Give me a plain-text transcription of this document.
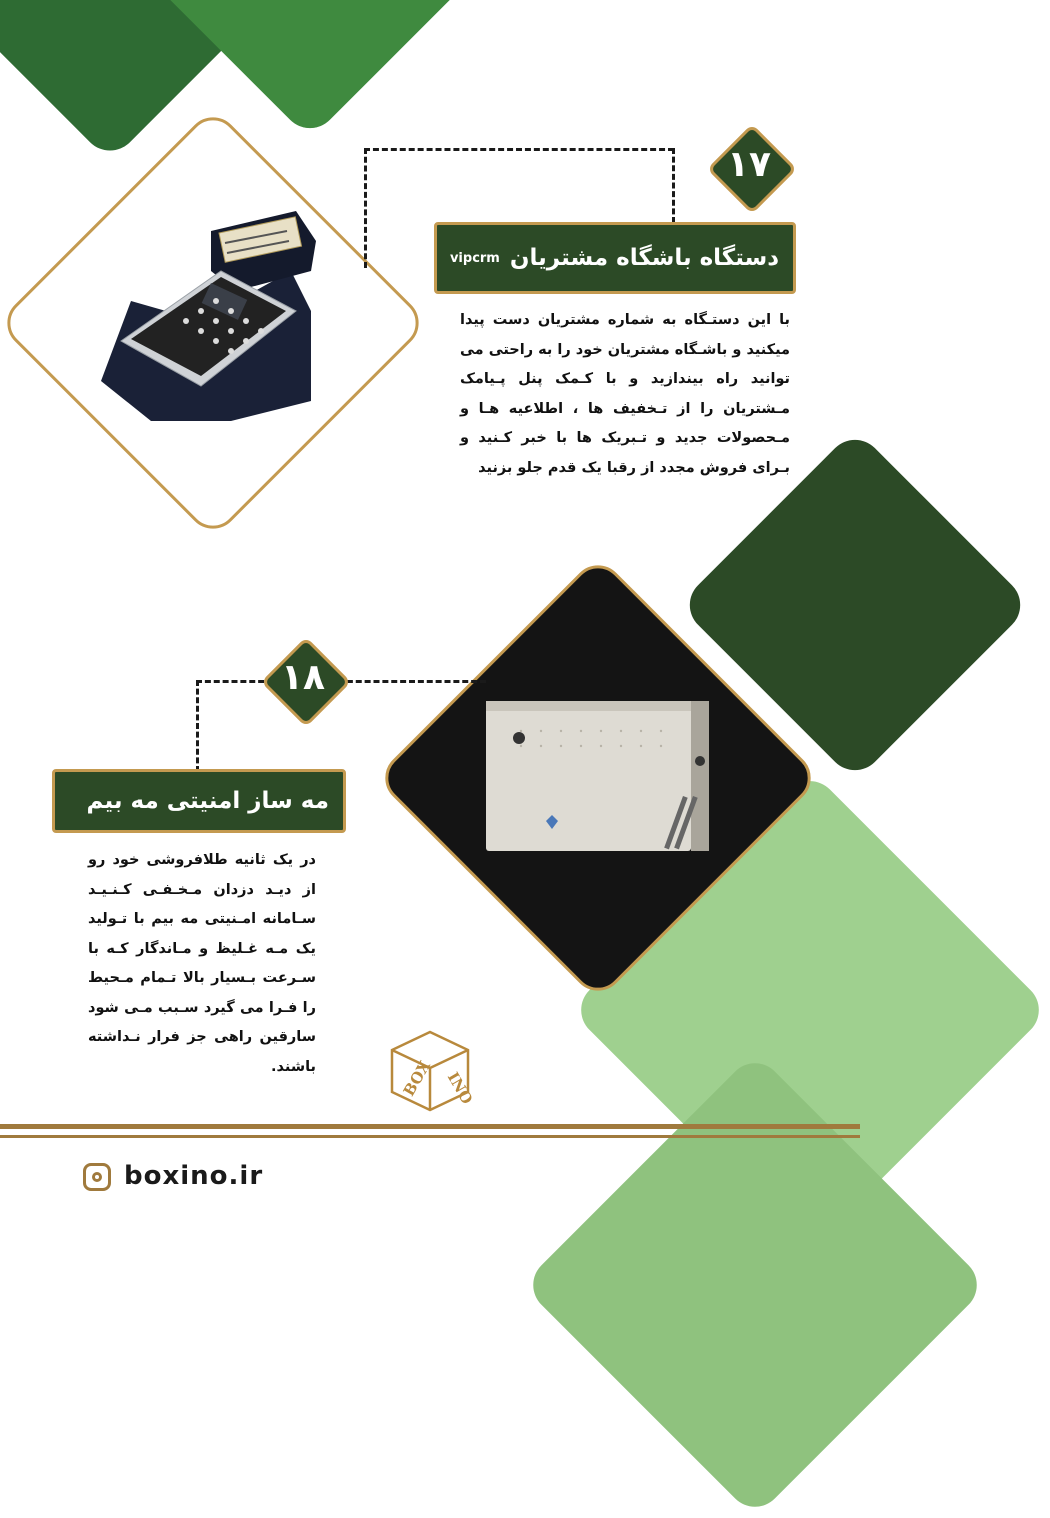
۱۷
vipcrm دستگاه باشگاه مشتریان
با این دستـگاه به شماره مشتریان دست پیدا میکنید و باشـگاه مشتریان خود را به راحتی می توانید راه بیندازید و با کـمک پنل پـیامک مـشتریان را از تـخفیف ها ، اطلاعیه هـا و مـحصولات جدید و تـبریک ها با خبر کـنید و بـرای فروش مجدد از رقبا یک قدم جلو بزنید
۱۸
مه ساز امنیتی مه بیم
در یک ثانیه طلافروشی خود رو از دیـد دزدان مـخـفـی کـنـیـد سـامانه امـنیتی مه بیم با تـولید یک مـه غـلیظ و مـاندگار کـه با سـرعت بـسیار بالا تـمام مـحیط را فـرا می گیرد سـبب مـی شود سارقین راهی جز فرار نـداشته باشند.	BOX INO
boxino.ir
